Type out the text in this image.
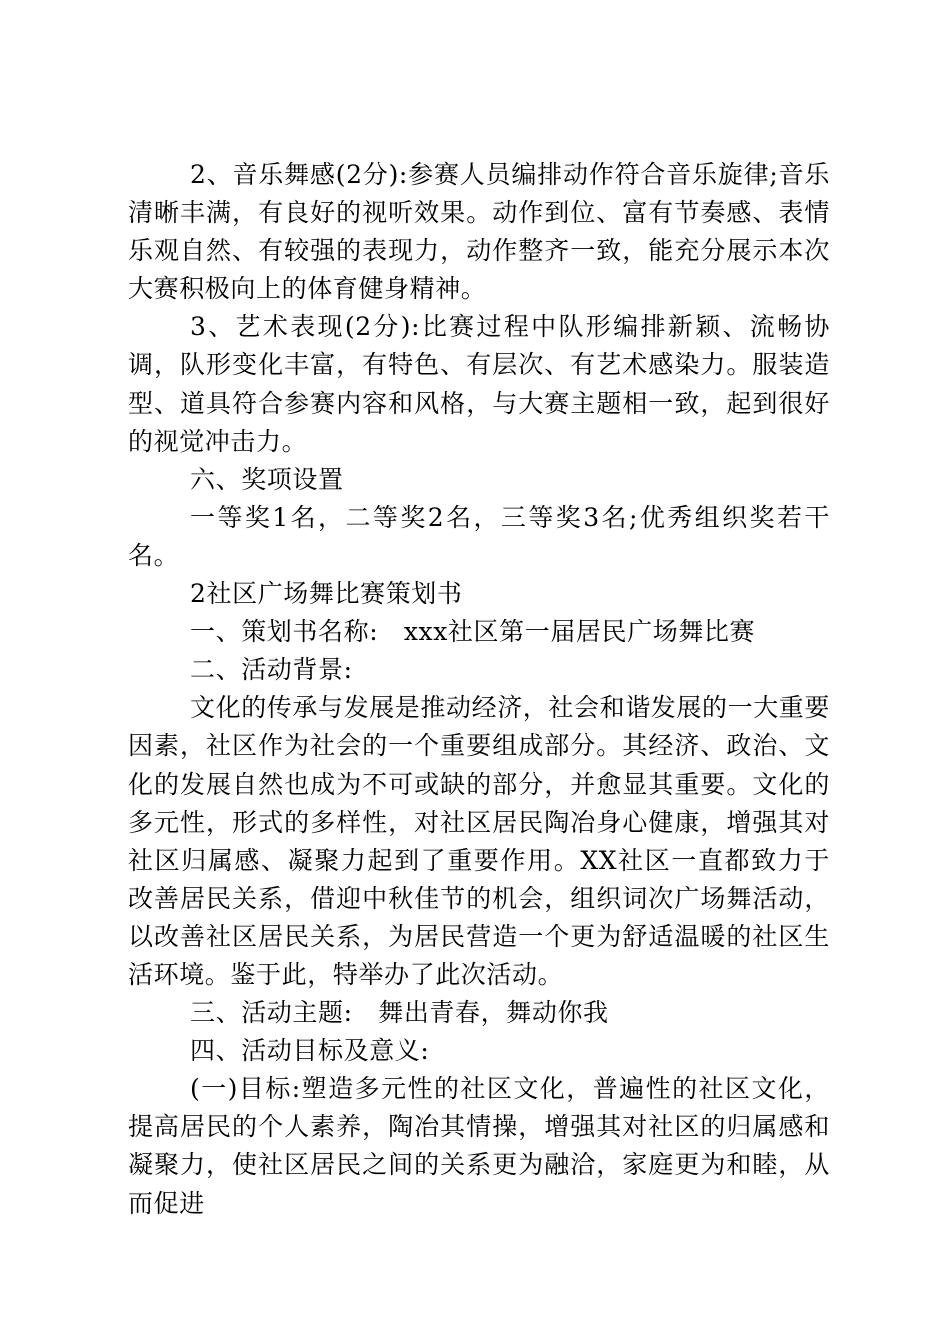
2、音乐舞感(2分):参赛人员编排动作符合音乐旋律;音乐清晰丰满，有良好的视听效果。动作到位、富有节奏感、表情乐观自然、有较强的表现力，动作整齐一致，能充分展示本次大赛积极向上的体育健身精神。

3、艺术表现(2分):比赛过程中队形编排新颖、流畅协调，队形变化丰富，有特色、有层次、有艺术感染力。服装造型、道具符合参赛内容和风格，与大赛主题相一致，起到很好的视觉冲击力。

六、奖项设置

一等奖1名，二等奖2名，三等奖3名;优秀组织奖若干名。

2社区广场舞比赛策划书

一、策划书名称:　xxx社区第一届居民广场舞比赛

二、活动背景:

文化的传承与发展是推动经济，社会和谐发展的一大重要因素，社区作为社会的一个重要组成部分。其经济、政治、文化的发展自然也成为不可或缺的部分，并愈显其重要。文化的多元性，形式的多样性，对社区居民陶冶身心健康，增强其对社区归属感、凝聚力起到了重要作用。XX社区一直都致力于改善居民关系，借迎中秋佳节的机会，组织词次广场舞活动，以改善社区居民关系，为居民营造一个更为舒适温暖的社区生活环境。鉴于此，特举办了此次活动。

三、活动主题:　舞出青春，舞动你我

四、活动目标及意义:

(一)目标:塑造多元性的社区文化，普遍性的社区文化，提高居民的个人素养，陶冶其情操，增强其对社区的归属感和凝聚力，使社区居民之间的关系更为融洽，家庭更为和睦，从而促进
